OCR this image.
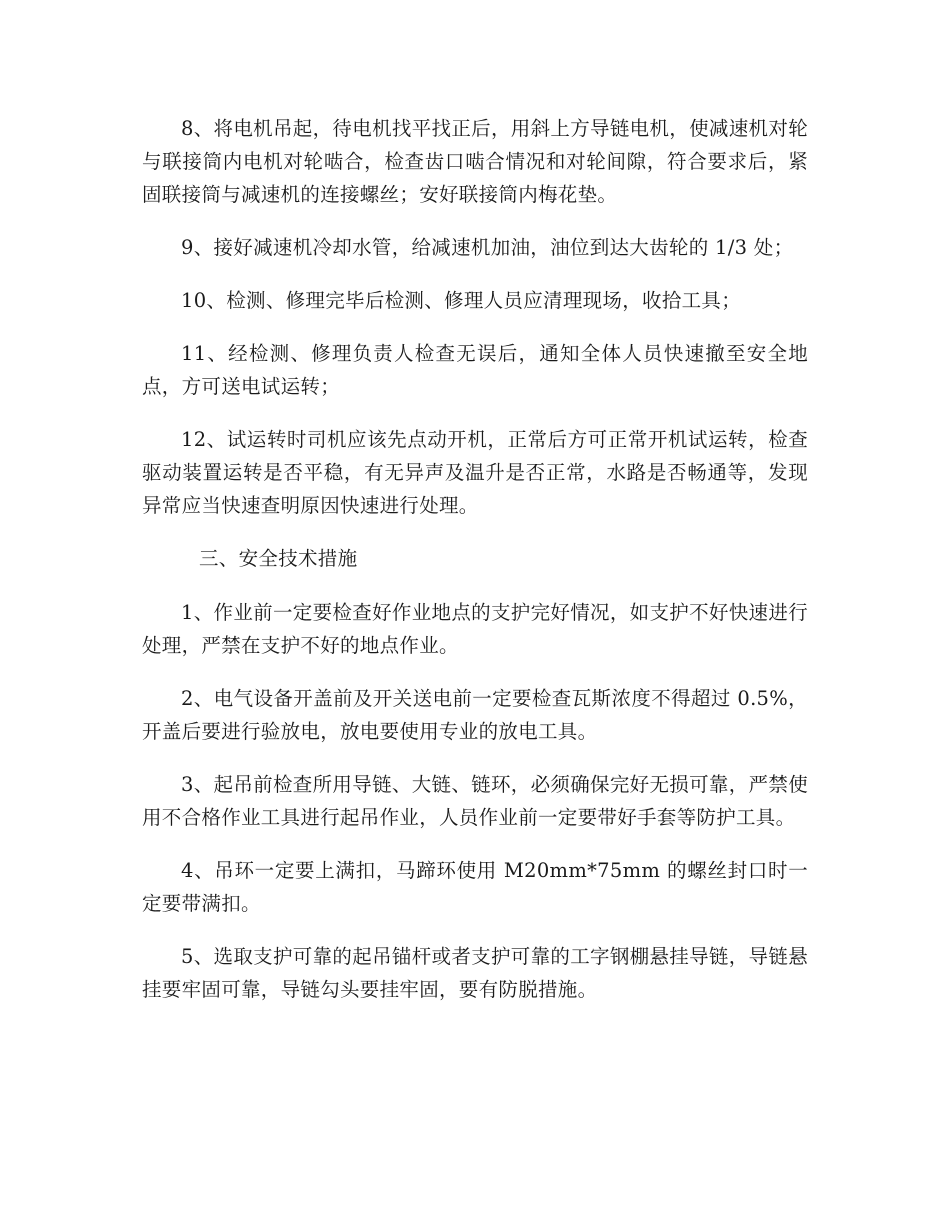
8、将电机吊起，待电机找平找正后，用斜上方导链电机，使减速机对轮与联接筒内电机对轮啮合，检查齿口啮合情况和对轮间隙，符合要求后，紧固联接筒与减速机的连接螺丝；安好联接筒内梅花垫。

9、接好减速机冷却水管，给减速机加油，油位到达大齿轮的 1/3 处；

10、检测、修理完毕后检测、修理人员应清理现场，收拾工具；

11、经检测、修理负责人检查无误后，通知全体人员快速撤至安全地点，方可送电试运转；

12、试运转时司机应该先点动开机，正常后方可正常开机试运转，检查驱动装置运转是否平稳，有无异声及温升是否正常，水路是否畅通等，发现异常应当快速查明原因快速进行处理。

三、安全技术措施

1、作业前一定要检查好作业地点的支护完好情况，如支护不好快速进行处理，严禁在支护不好的地点作业。

2、电气设备开盖前及开关送电前一定要检查瓦斯浓度不得超过 0.5%，开盖后要进行验放电，放电要使用专业的放电工具。

3、起吊前检查所用导链、大链、链环，必须确保完好无损可靠，严禁使用不合格作业工具进行起吊作业，人员作业前一定要带好手套等防护工具。

4、吊环一定要上满扣，马蹄环使用 M20mm*75mm 的螺丝封口时一定要带满扣。

5、选取支护可靠的起吊锚杆或者支护可靠的工字钢棚悬挂导链，导链悬挂要牢固可靠，导链勾头要挂牢固，要有防脱措施。
